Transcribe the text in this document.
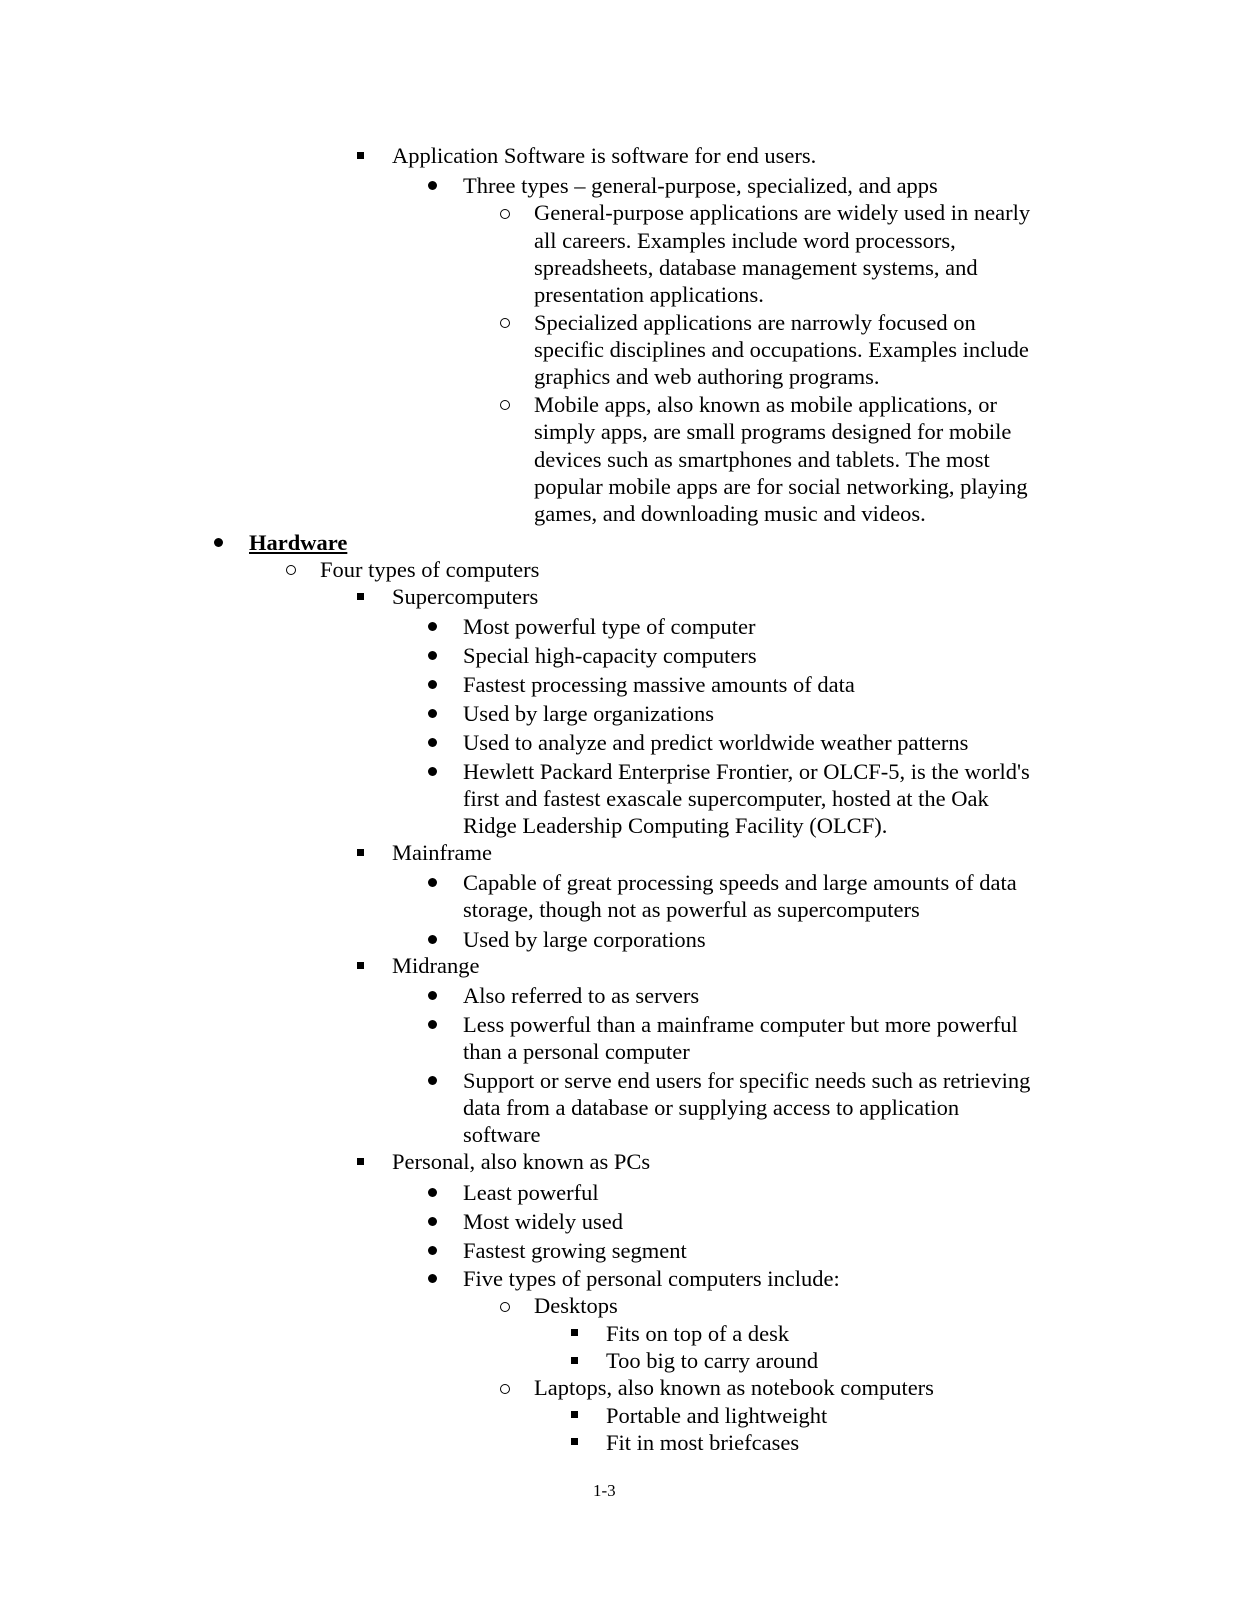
Application Software is software for end users.

Three types – general-purpose, specialized, and apps

General-purpose applications are widely used in nearly

all careers. Examples include word processors,

spreadsheets, database management systems, and

presentation applications.

Specialized applications are narrowly focused on

specific disciplines and occupations. Examples include

graphics and web authoring programs.

Mobile apps, also known as mobile applications, or

simply apps, are small programs designed for mobile

devices such as smartphones and tablets. The most

popular mobile apps are for social networking, playing

games, and downloading music and videos.

Hardware

Four types of computers

Supercomputers

Most powerful type of computer

Special high-capacity computers

Fastest processing massive amounts of data

Used by large organizations

Used to analyze and predict worldwide weather patterns

Hewlett Packard Enterprise Frontier, or OLCF-5, is the world's

first and fastest exascale supercomputer, hosted at the Oak

Ridge Leadership Computing Facility (OLCF).

Mainframe

Capable of great processing speeds and large amounts of data

storage, though not as powerful as supercomputers

Used by large corporations

Midrange

Also referred to as servers

Less powerful than a mainframe computer but more powerful

than a personal computer

Support or serve end users for specific needs such as retrieving

data from a database or supplying access to application

software

Personal, also known as PCs

Least powerful

Most widely used

Fastest growing segment

Five types of personal computers include:

Desktops

Fits on top of a desk

Too big to carry around

Laptops, also known as notebook computers

Portable and lightweight

Fit in most briefcases

1-3
